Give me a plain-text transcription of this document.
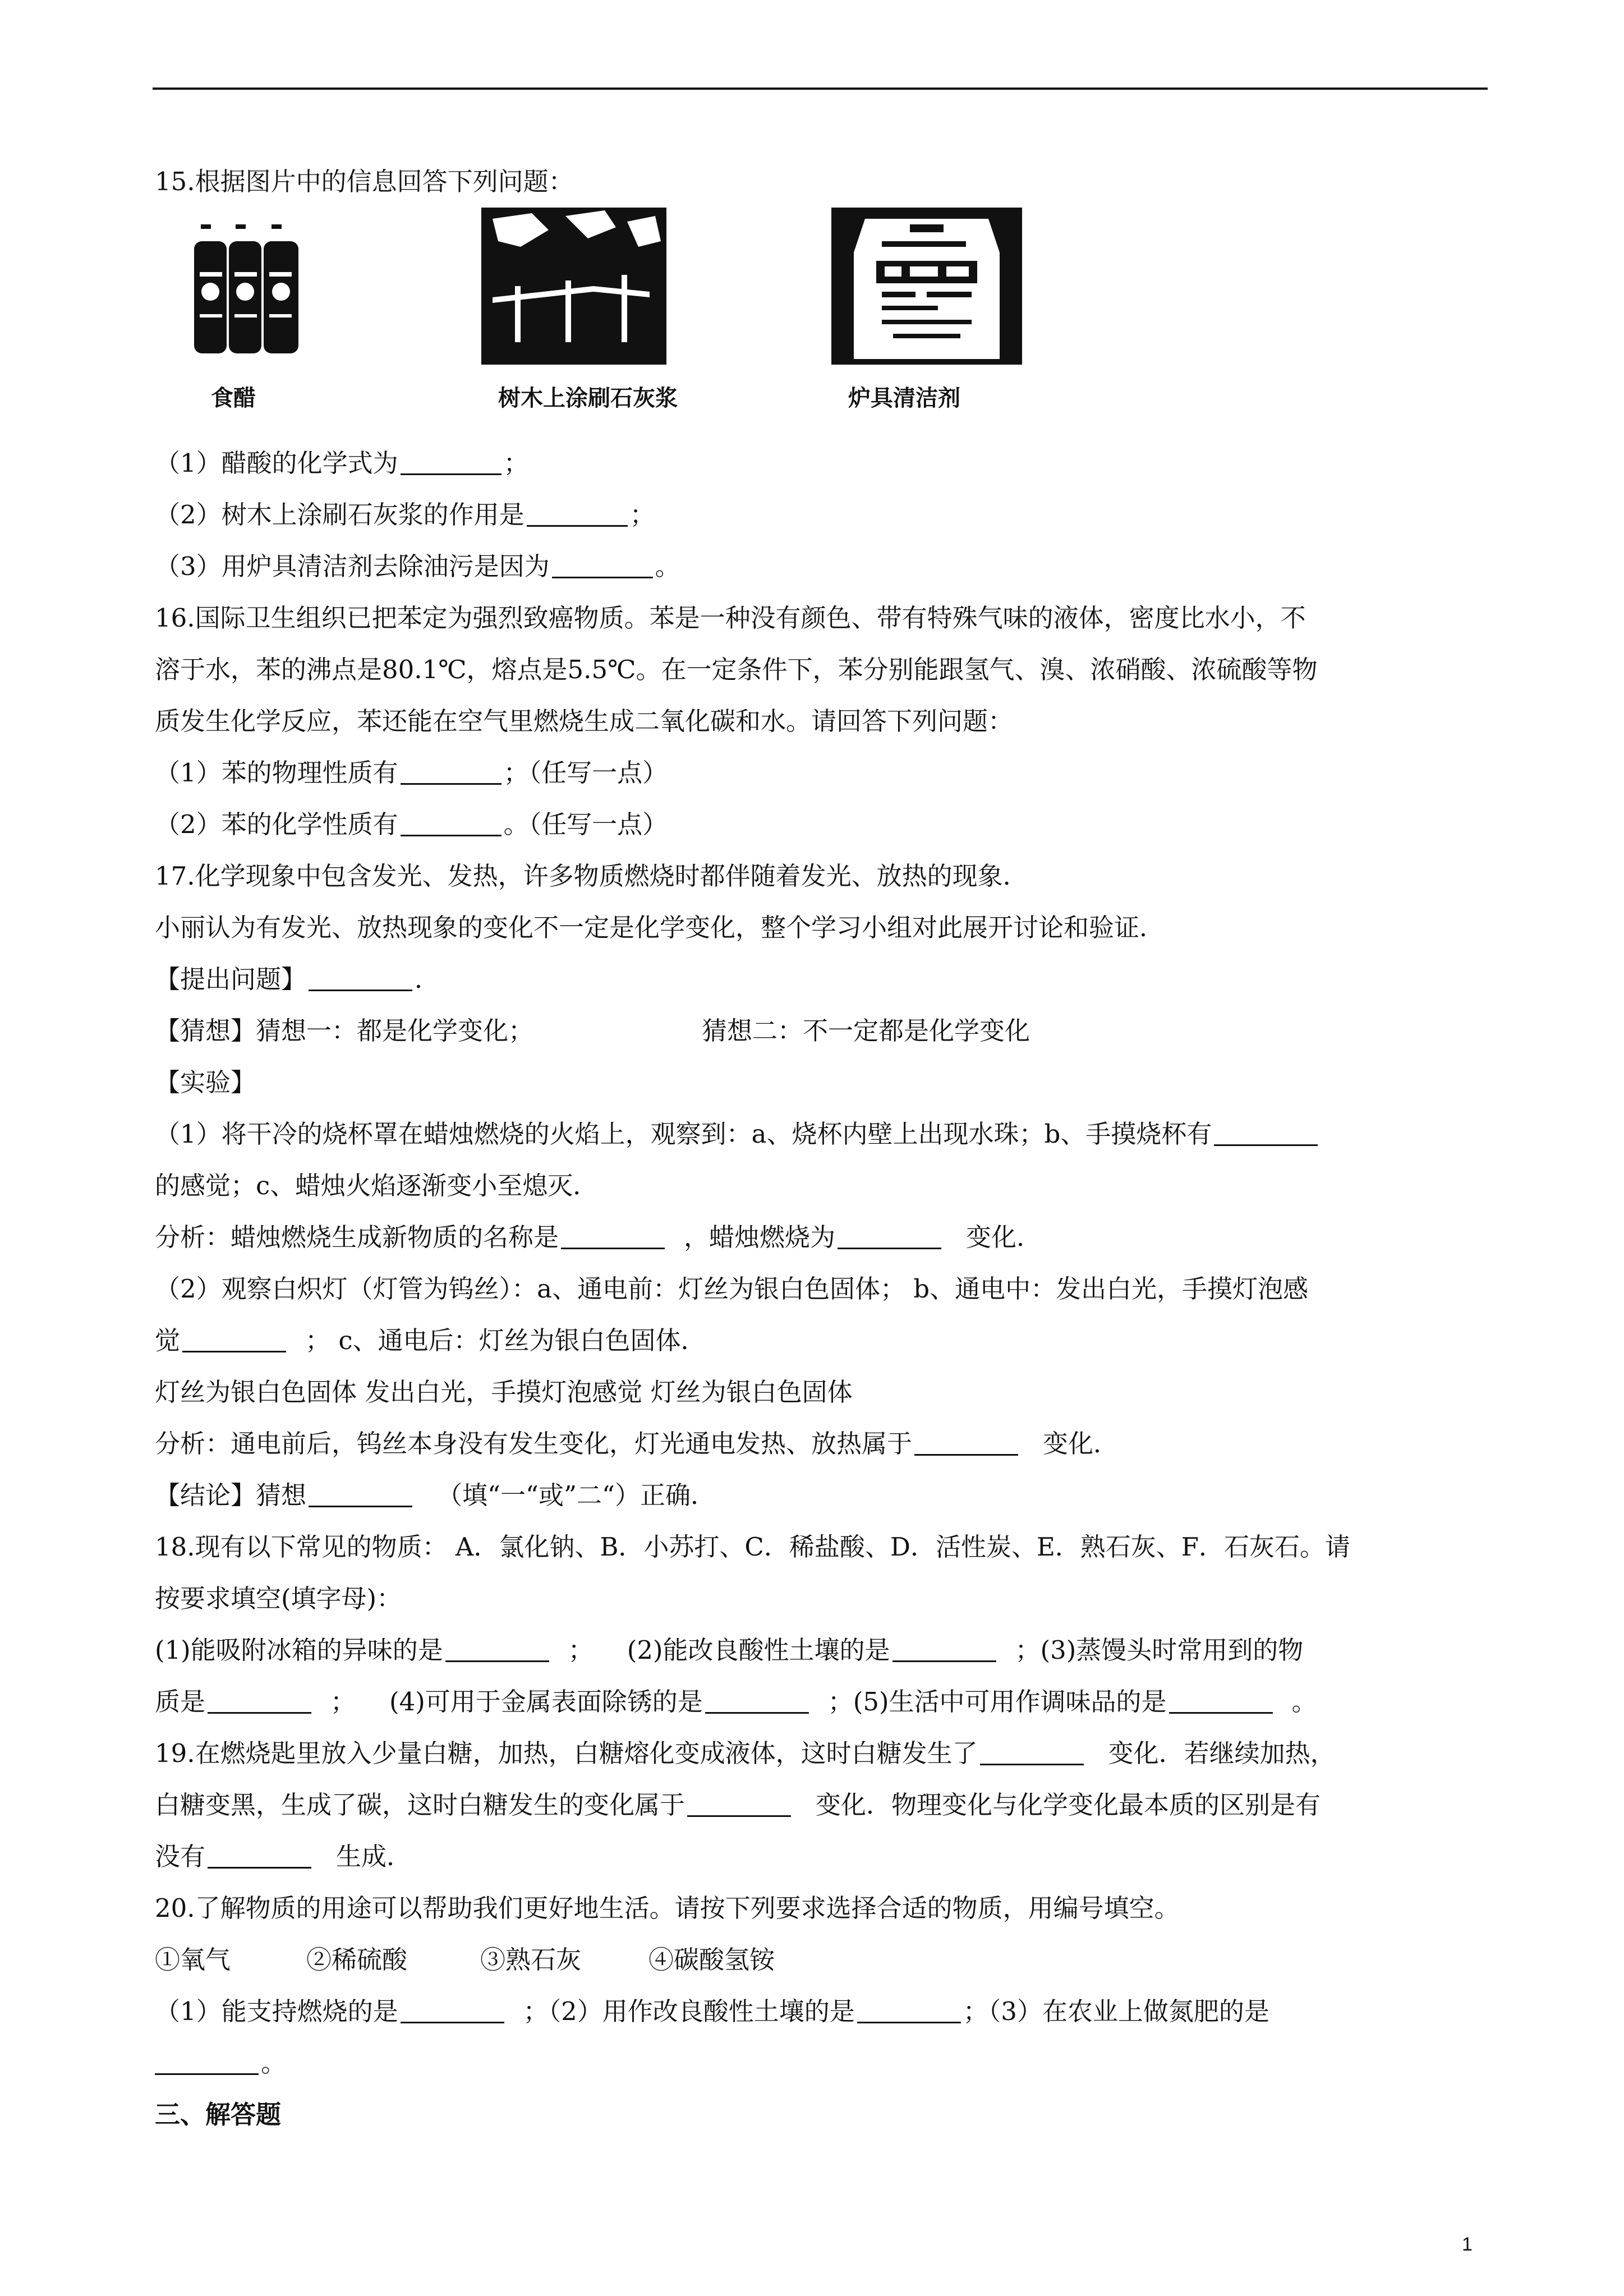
15.根据图片中的信息回答下列问题：
食醋	树木上涂刷石灰浆	炉具清洁剂
（1）醋酸的化学式为	；
（2）树木上涂刷石灰浆的作用是	；
（3）用炉具清洁剂去除油污是因为	。
16.国际卫生组织已把苯定为强烈致癌物质。苯是一种没有颜色、带有特殊气味的液体，密度比水小，不
溶于水，苯的沸点是80.1℃，熔点是5.5℃。在一定条件下，苯分别能跟氢气、溴、浓硝酸、浓硫酸等物
质发生化学反应，苯还能在空气里燃烧生成二氧化碳和水。请回答下列问题：
（1）苯的物理性质有	；（任写一点）
（2）苯的化学性质有	。（任写一点）
17.化学现象中包含发光、发热，许多物质燃烧时都伴随着发光、放热的现象．
小丽认为有发光、放热现象的变化不一定是化学变化，整个学习小组对此展开讨论和验证．
【提出问题】	．
【猜想】猜想一：都是化学变化；	猜想二：不一定都是化学变化
【实验】
（1）将干冷的烧杯罩在蜡烛燃烧的火焰上，观察到：a、烧杯内壁上出现水珠；b、手摸烧杯有
的感觉；c、蜡烛火焰逐渐变小至熄灭．
分析：蜡烛燃烧生成新物质的名称是	，蜡烛燃烧为	变化．
（2）观察白炽灯（灯管为钨丝）：a、通电前：灯丝为银白色固体； b、通电中：发出白光，手摸灯泡感
觉	； c、通电后：灯丝为银白色固体．
灯丝为银白色固体 发出白光，手摸灯泡感觉 灯丝为银白色固体
分析：通电前后，钨丝本身没有发生变化，灯光通电发热、放热属于	变化．
【结论】猜想	（填“一“或”二“）正确．
18.现有以下常见的物质： A．氯化钠、B．小苏打、C．稀盐酸、D．活性炭、E．熟石灰、F．石灰石。请
按要求填空(填字母)：
(1)能吸附冰箱的异味的是	； (2)能改良酸性土壤的是	；(3)蒸馒头时常用到的物
质是	； (4)可用于金属表面除锈的是	；(5)生活中可用作调味品的是	。
19.在燃烧匙里放入少量白糖，加热，白糖熔化变成液体，这时白糖发生了	变化．若继续加热，
白糖变黑，生成了碳，这时白糖发生的变化属于	变化．物理变化与化学变化最本质的区别是有
没有	生成．
20.了解物质的用途可以帮助我们更好地生活。请按下列要求选择合适的物质，用编号填空。
①氧气	②稀硫酸	③熟石灰	④碳酸氢铵
（1）能支持燃烧的是	；（2）用作改良酸性土壤的是	；（3）在农业上做氮肥的是
。
三、解答题
1
